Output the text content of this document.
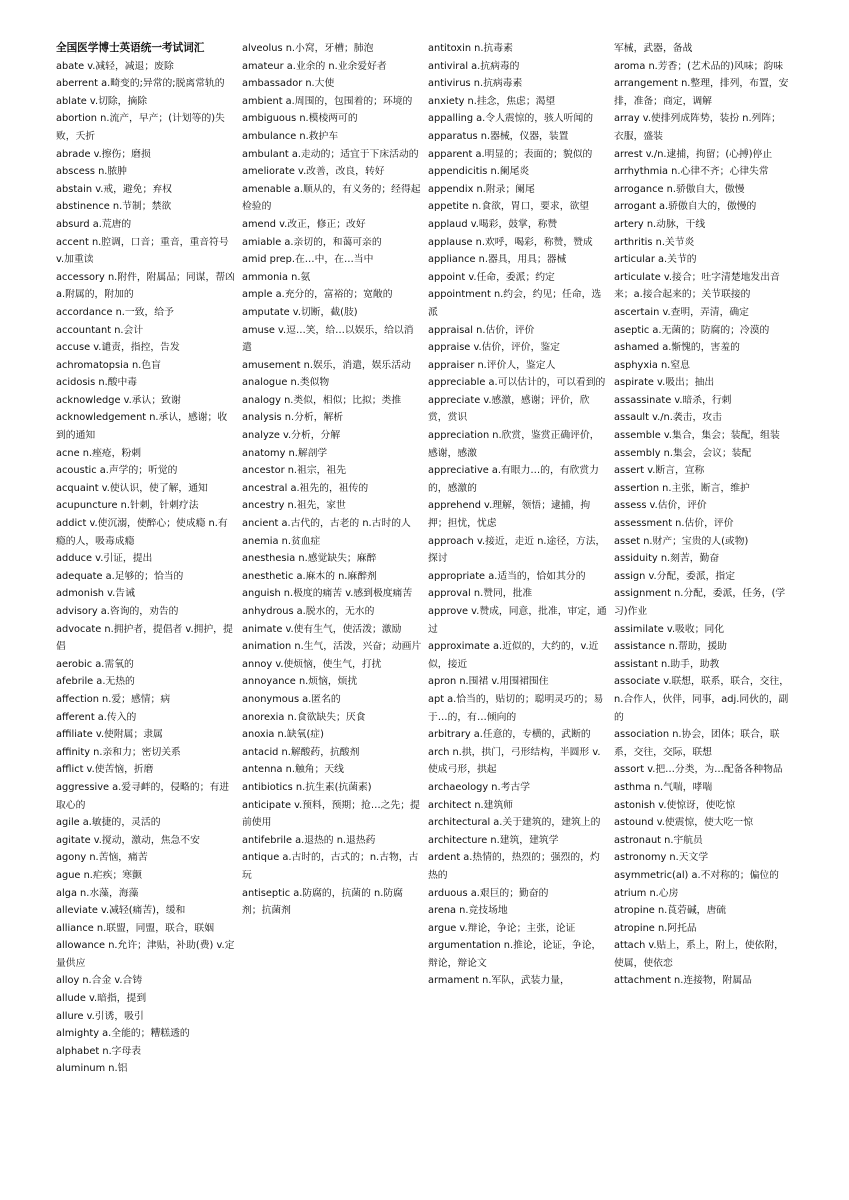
全国医学博士英语统一考试词汇

abate v.减轻，减退；废除

aberrent a.畸变的;异常的;脱离常轨的

ablate v.切除，摘除

abortion n.流产，早产；(计划等的)失败，夭折

abrade v.擦伤；磨损

abscess n.脓肿

abstain v.戒，避免；弃权

abstinence n.节制；禁欲

absurd a.荒唐的

accent n.腔调，口音；重音，重音符号 v.加重读

accessory n.附件，附属品；同谋，帮凶 a.附属的，附加的

accordance n.一致，给予

accountant n.会计

accuse v.谴责，指控，告发

achromatopsia n.色盲

acidosis n.酸中毒

acknowledge v.承认；致谢

acknowledgement n.承认，感谢；收到的通知

acne n.痤疮，粉刺

acoustic a.声学的；听觉的

acquaint v.使认识，使了解，通知

acupuncture n.针刺，针刺疗法

addict v.使沉溺，使醉心；使成瘾 n.有瘾的人，吸毒成瘾

adduce v.引证，提出

adequate a.足够的；恰当的

admonish v.告诫

advisory a.咨询的，劝告的

advocate n.拥护者，提倡者 v.拥护，提倡

aerobic a.需氧的

afebrile a.无热的

affection n.爱；感情；病

afferent a.传入的

affiliate v.使附属；隶属

affinity n.亲和力；密切关系

afflict v.使苦恼，折磨

aggressive a.爱寻衅的，侵略的；有进取心的

agile a.敏捷的，灵活的

agitate v.搅动，激动，焦急不安

agony n.苦恼，痛苦

ague n.疟疾；寒颤

alga n.水藻，海藻

alleviate v.减轻(痛苦)，缓和

alliance n.联盟，同盟，联合，联姻

allowance n.允许；津贴，补助(费) v.定量供应

alloy n.合金 v.合铸

allude v.暗指，提到

allure v.引诱，吸引

almighty a.全能的；糟糕透的

alphabet n.字母表

aluminum n.铝

alveolus n.小窝，牙槽；肺泡

amateur a.业余的 n.业余爱好者

ambassador n.大使

ambient a.周围的，包围着的；环境的

ambiguous n.模棱两可的

ambulance n.救护车

ambulant a.走动的；适宜于下床活动的

ameliorate v.改善，改良，转好

amenable a.顺从的，有义务的；经得起检验的

amend v.改正，修正；改好

amiable a.亲切的，和蔼可亲的

amid prep.在…中，在…当中

ammonia n.氨

ample a.充分的，富裕的；宽敞的

amputate v.切断，截(肢)

amuse v.逗…笑，给…以娱乐，给以消遣

amusement n.娱乐，消遣，娱乐活动

analogue n.类似物

analogy n.类似，相似；比拟；类推

analysis n.分析，解析

analyze v.分析，分解

anatomy n.解剖学

ancestor n.祖宗，祖先

ancestral a.祖先的，祖传的

ancestry n.祖先，家世

ancient a.古代的，古老的 n.古时的人

anemia n.贫血症

anesthesia n.感觉缺失；麻醉

anesthetic a.麻木的 n.麻醉剂

anguish n.极度的痛苦 v.感到极度痛苦

anhydrous a.脱水的，无水的

animate v.使有生气，使活泼；激励

animation n.生气，活泼，兴奋；动画片

annoy v.使烦恼，使生气，打扰

annoyance n.烦恼，烦扰

anonymous a.匿名的

anorexia n.食欲缺失；厌食

anoxia n.缺氧(症)

antacid n.解酸药，抗酸剂

antenna n.触角；天线

antibiotics n.抗生素(抗菌素)

anticipate v.预料，预期；抢…之先；提前使用

antifebrile a.退热的 n.退热药

antique a.古时的，古式的；n.古物，古玩

antiseptic a.防腐的，抗菌的 n.防腐剂；抗菌剂

antitoxin n.抗毒素

antiviral a.抗病毒的

antivirus n.抗病毒素

anxiety n.挂念，焦虑；渴望

appalling a.令人震惊的，骇人听闻的

apparatus n.器械，仪器，装置

apparent a.明显的；表面的；貌似的

appendicitis n.阑尾炎

appendix n.附录；阑尾

appetite n.食欲，胃口，要求，欲望

applaud v.喝彩，鼓掌，称赞

applause n.欢呼，喝彩，称赞，赞成

appliance n.器具，用具；器械

appoint v.任命，委派；约定

appointment n.约会，约见；任命，选派

appraisal n.估价，评价

appraise v.估价，评价，鉴定

appraiser n.评价人，鉴定人

appreciable a.可以估计的，可以看到的

appreciate v.感激，感谢；评价，欣赏，赏识

appreciation n.欣赏，鉴赏正确评价，感谢，感激

appreciative a.有眼力…的，有欣赏力的，感激的

apprehend v.理解，领悟；逮捕，拘押；担忧，忧虑

approach v.接近，走近 n.途径，方法，探讨

appropriate a.适当的，恰如其分的

approval n.赞同，批准

approve v.赞成，同意，批准，审定，通过

approximate a.近似的，大约的，v.近似，接近

apron n.围裙 v.用围裙围住

apt a.恰当的，贴切的；聪明灵巧的；易于…的，有…倾向的

arbitrary a.任意的，专横的，武断的

arch n.拱，拱门，弓形结构，半圆形 v.使成弓形，拱起

archaeology n.考古学

architect n.建筑师

architectural a.关于建筑的，建筑上的

architecture n.建筑，建筑学

ardent a.热情的，热烈的；强烈的，灼热的

arduous a.艰巨的；勤奋的

arena n.竞技场地

argue v.辩论，争论；主张，论证

argumentation n.推论，论证，争论，辩论，辩论文

armament n.军队，武装力量，

军械，武器，备战

aroma n.芳香；(艺术品的)风味；韵味

arrangement n.整理，排列，布置，安排，准备；商定，调解

array v.使排列成阵势，装扮 n.列阵；衣服，盛装

arrest v./n.逮捕，拘留；(心搏)停止

arrhythmia n.心律不齐；心律失常

arrogance n.骄傲自大，傲慢

arrogant a.骄傲自大的，傲慢的

artery n.动脉，干线

arthritis n.关节炎

articular a.关节的

articulate v.接合；吐字清楚地发出音来；a.接合起来的；关节联接的

ascertain v.查明，弄清，确定

aseptic a.无菌的；防腐的；冷漠的

ashamed a.惭愧的，害羞的

asphyxia n.窒息

aspirate v.吸出；抽出

assassinate v.暗杀，行刺

assault v./n.袭击，攻击

assemble v.集合，集会；装配，组装

assembly n.集会，会议；装配

assert v.断言，宣称

assertion n.主张，断言，维护

assess v.估价，评价

assessment n.估价，评价

asset n.财产；宝贵的人(或物)

assiduity n.刻苦，勤奋

assign v.分配，委派，指定

assignment n.分配，委派，任务，(学习)作业

assimilate v.吸收；同化

assistance n.帮助，援助

assistant n.助手，助教

associate v.联想，联系，联合，交往，n.合作人，伙伴，同事，adj.同伙的，副的

association n.协会，团体；联合，联系，交往，交际，联想

assort v.把…分类，为…配备各种物品

asthma n.气喘，哮喘

astonish v.使惊讶，使吃惊

astound v.使震惊，使大吃一惊

astronaut n.宇航员

astronomy n.天文学

asymmetric(al) a.不对称的；偏位的

atrium n.心房

atropine n.莨菪碱，唐硫

atropine n.阿托品

attach v.贴上，系上，附上，使依附，使属，使依恋

attachment n.连接物，附属品
